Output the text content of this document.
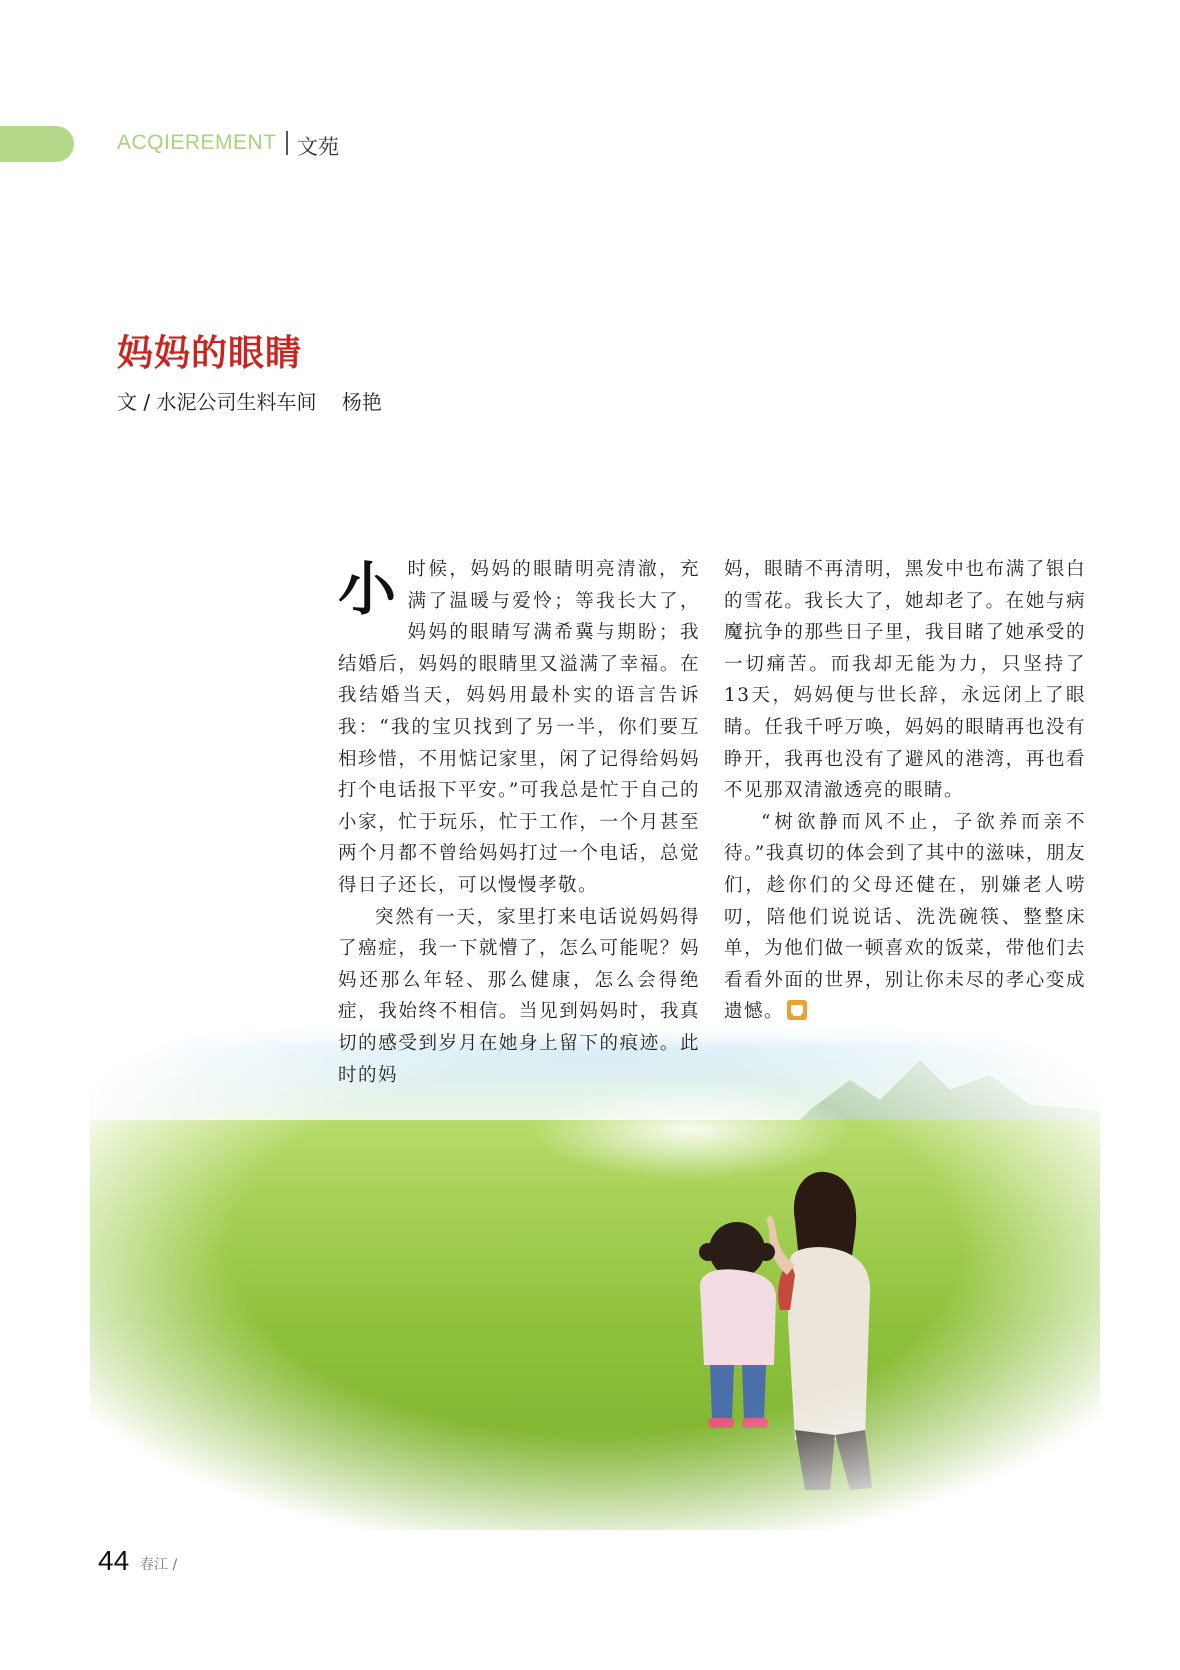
ACQIEREMENT 文苑
妈妈的眼睛
文 / 水泥公司生料车间    杨艳

小时候，妈妈的眼睛明亮清澈，充满了温暖与爱怜；等我长大了，妈妈的眼睛写满希冀与期盼；我结婚后，妈妈的眼睛里又溢满了幸福。在我结婚当天，妈妈用最朴实的语言告诉我：“我的宝贝找到了另一半，你们要互相珍惜，不用惦记家里，闲了记得给妈妈打个电话报下平安。”可我总是忙于自己的小家，忙于玩乐，忙于工作，一个月甚至两个月都不曾给妈妈打过一个电话，总觉得日子还长，可以慢慢孝敬。

突然有一天，家里打来电话说妈妈得了癌症，我一下就懵了，怎么可能呢？妈妈还那么年轻、那么健康，怎么会得绝症，我始终不相信。当见到妈妈时，我真切的感受到岁月在她身上留下的痕迹。此时的妈

妈，眼睛不再清明，黑发中也布满了银白的雪花。我长大了，她却老了。在她与病魔抗争的那些日子里，我目睹了她承受的一切痛苦。而我却无能为力，只坚持了13天，妈妈便与世长辞，永远闭上了眼睛。任我千呼万唤，妈妈的眼睛再也没有睁开，我再也没有了避风的港湾，再也看不见那双清澈透亮的眼睛。

“树欲静而风不止，子欲养而亲不待。”我真切的体会到了其中的滋味，朋友们，趁你们的父母还健在，别嫌老人唠叨，陪他们说说话、洗洗碗筷、整整床单，为他们做一顿喜欢的饭菜，带他们去看看外面的世界，别让你未尽的孝心变成遗憾。

44 春江 /
